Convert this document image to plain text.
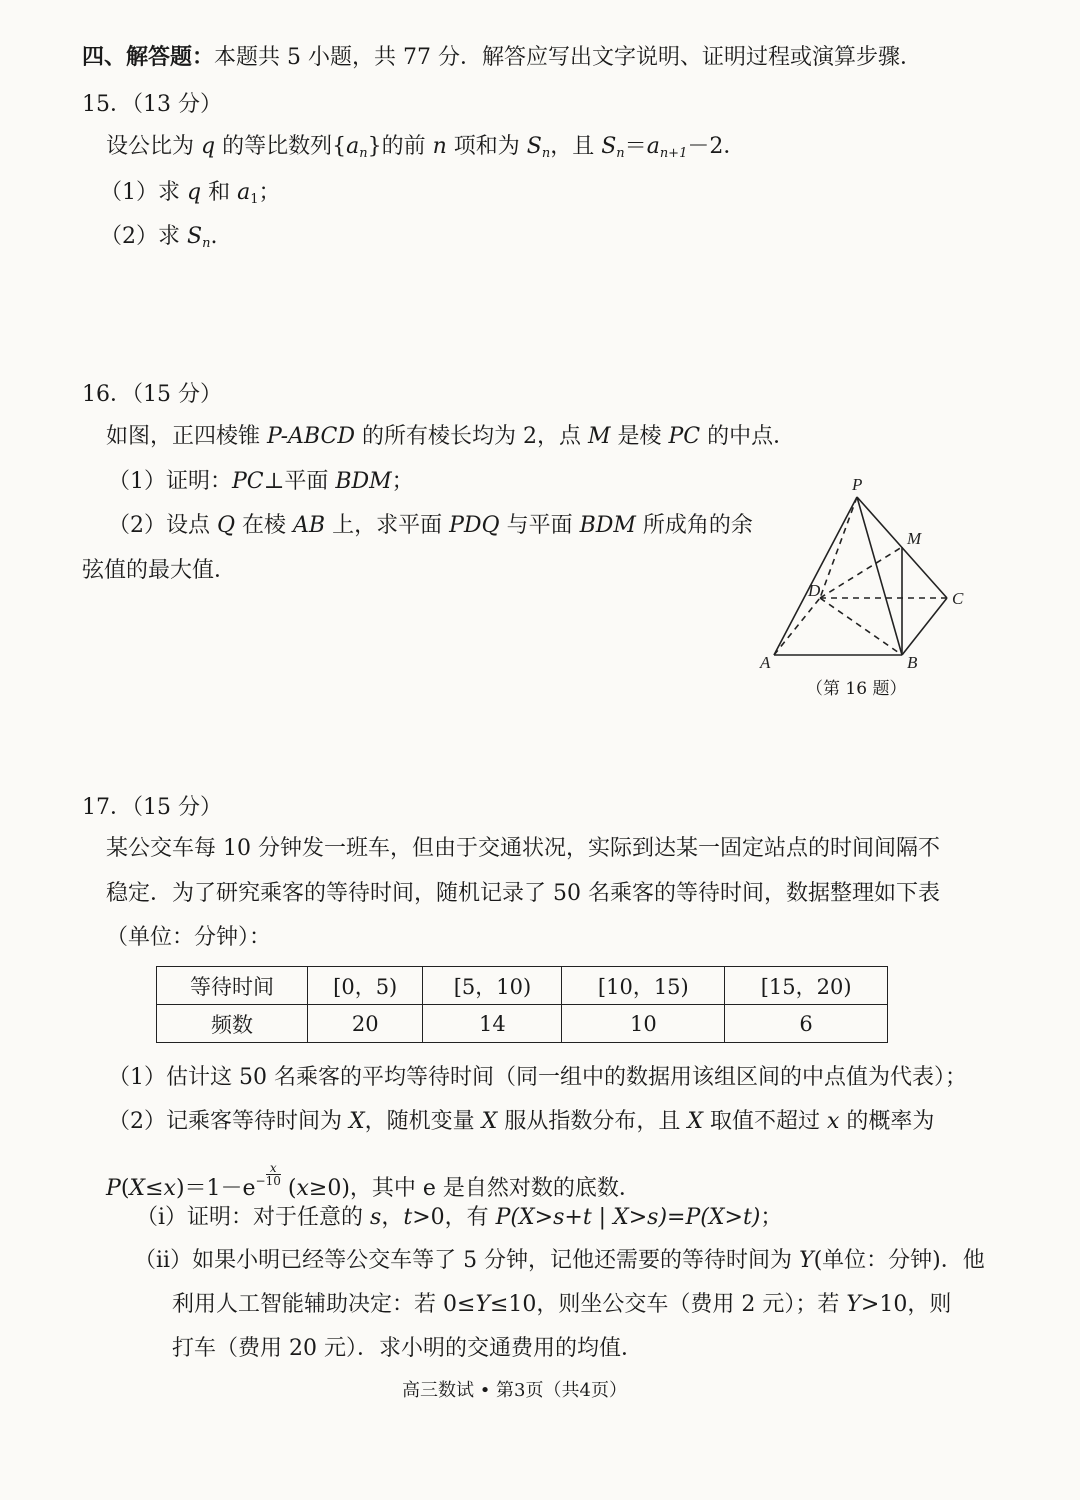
四、解答题：本题共 5 小题，共 77 分．解答应写出文字说明、证明过程或演算步骤．
15．（13 分）
设公比为 q 的等比数列$\{a_n\}$的前 n 项和为 $S_n$，且 $S_n=a_{n+1}-2$．
（1）求 q 和 $a_1$；
（2）求 $S_n$.
16．（15 分）
如图，正四棱锥 P-ABCD 的所有棱长均为 2，点 M 是棱 PC 的中点．
（1）证明：PC⊥平面 BDM；
（2）设点 Q 在棱 AB 上，求平面 PDQ 与平面 BDM 所成角的余
弦值的最大值．
P
M
D	C
A	B
（第 16 题）
17．（15 分）
某公交车每 10 分钟发一班车，但由于交通状况，实际到达某一固定站点的时间间隔不
稳定．为了研究乘客的等待时间，随机记录了 50 名乘客的等待时间，数据整理如下表
（单位：分钟）：
等待时间	[0，5)	[5，10)	[10，15)	[15，20)
频数	20	14	10	6
（1）估计这 50 名乘客的平均等待时间（同一组中的数据用该组区间的中点值为代表）；
（2）记乘客等待时间为 X，随机变量 X 服从指数分布，且 X 取值不超过 x 的概率为
$P(X\le x)=1-e^- \frac{x}{10}$
(x≥0)，其中 e 是自然对数的底数．
（i）证明：对于任意的 s，t>0，有 P(X>s+t | X>s)=P(X>t)；
（ii）如果小明已经等公交车等了 5 分钟，记他还需要的等待时间为 Y(单位：分钟)．他
利用人工智能辅助决定：若 0≤Y≤10，则坐公交车（费用 2 元）；若 Y>10，则
打车（费用 20 元）．求小明的交通费用的均值．
高三数试 • 第3页（共4页）
